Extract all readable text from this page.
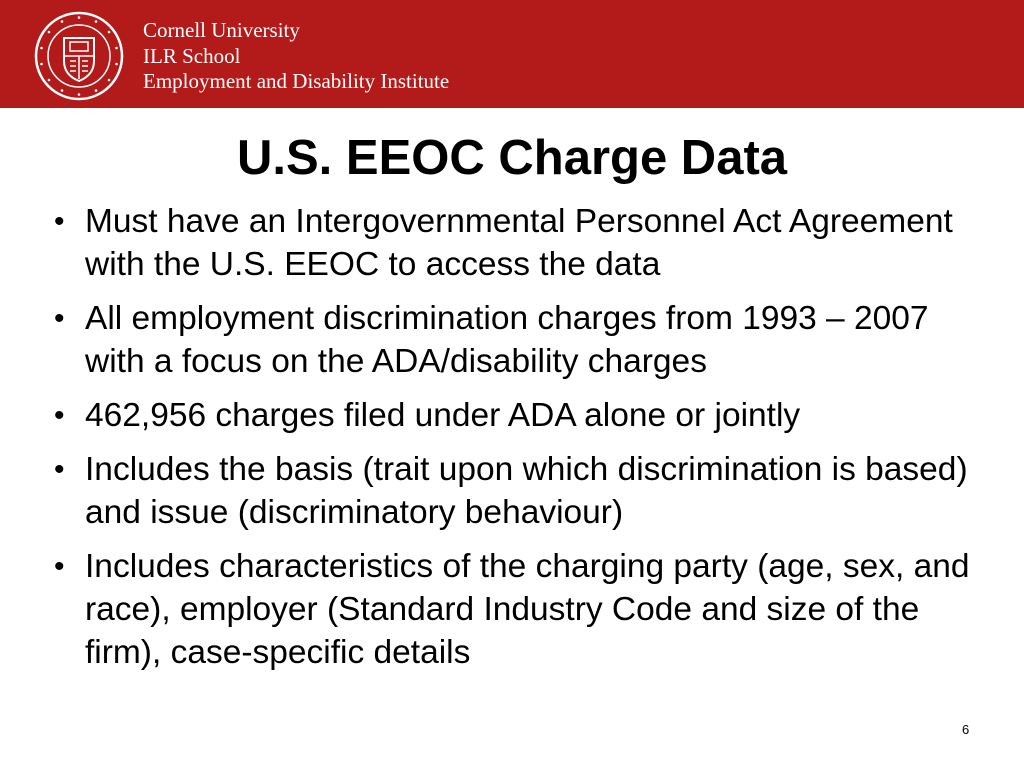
Cornell University
ILR School
Employment and Disability Institute
U.S. EEOC Charge Data
• Must have an Intergovernmental Personnel Act Agreement with the U.S. EEOC to access the data
• All employment discrimination charges from 1993 – 2007 with a focus on the ADA/disability charges
• 462,956 charges filed under ADA alone or jointly
• Includes the basis (trait upon which discrimination is based) and issue (discriminatory behaviour)
• Includes characteristics of the charging party (age, sex, and race), employer (Standard Industry Code and size of the firm), case-specific details
6
